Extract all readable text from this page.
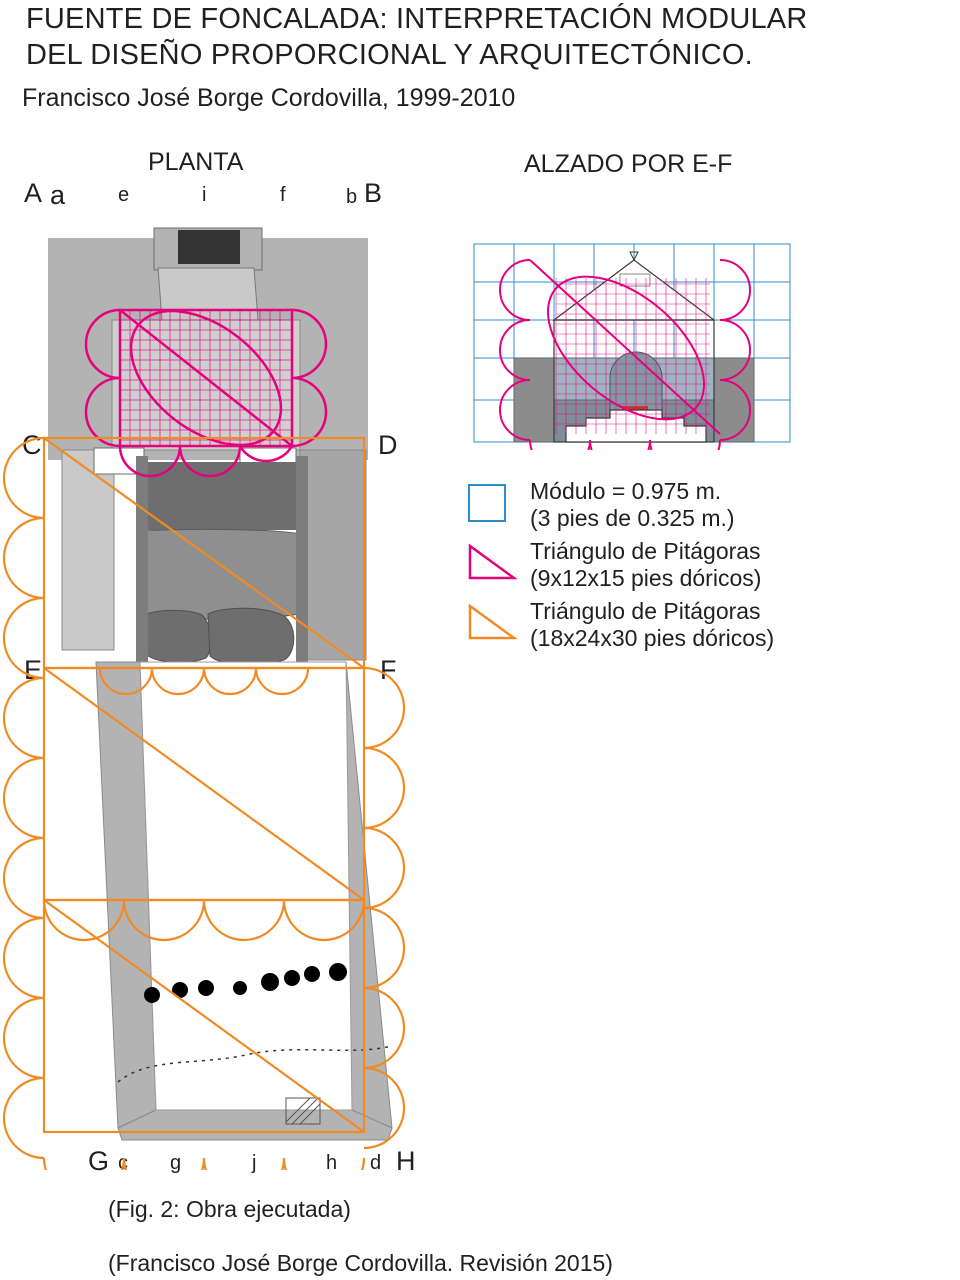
FUENTE DE FONCALADA: INTERPRETACIÓN MODULAR
DEL DISEÑO PROPORCIONAL Y ARQUITECTÓNICO.
Francisco José Borge Cordovilla, 1999-2010
PLANTA	ALZADO POR E-F
A a	e	i	f	b B
C	D
E	F
G c g	j	h d H
Módulo = 0.975 m.
(3 pies de 0.325 m.)
Triángulo de Pitágoras
(9x12x15 pies dóricos)
Triángulo de Pitágoras
(18x24x30 pies dóricos)
(Fig. 2: Obra ejecutada)
(Francisco José Borge Cordovilla. Revisión 2015)
